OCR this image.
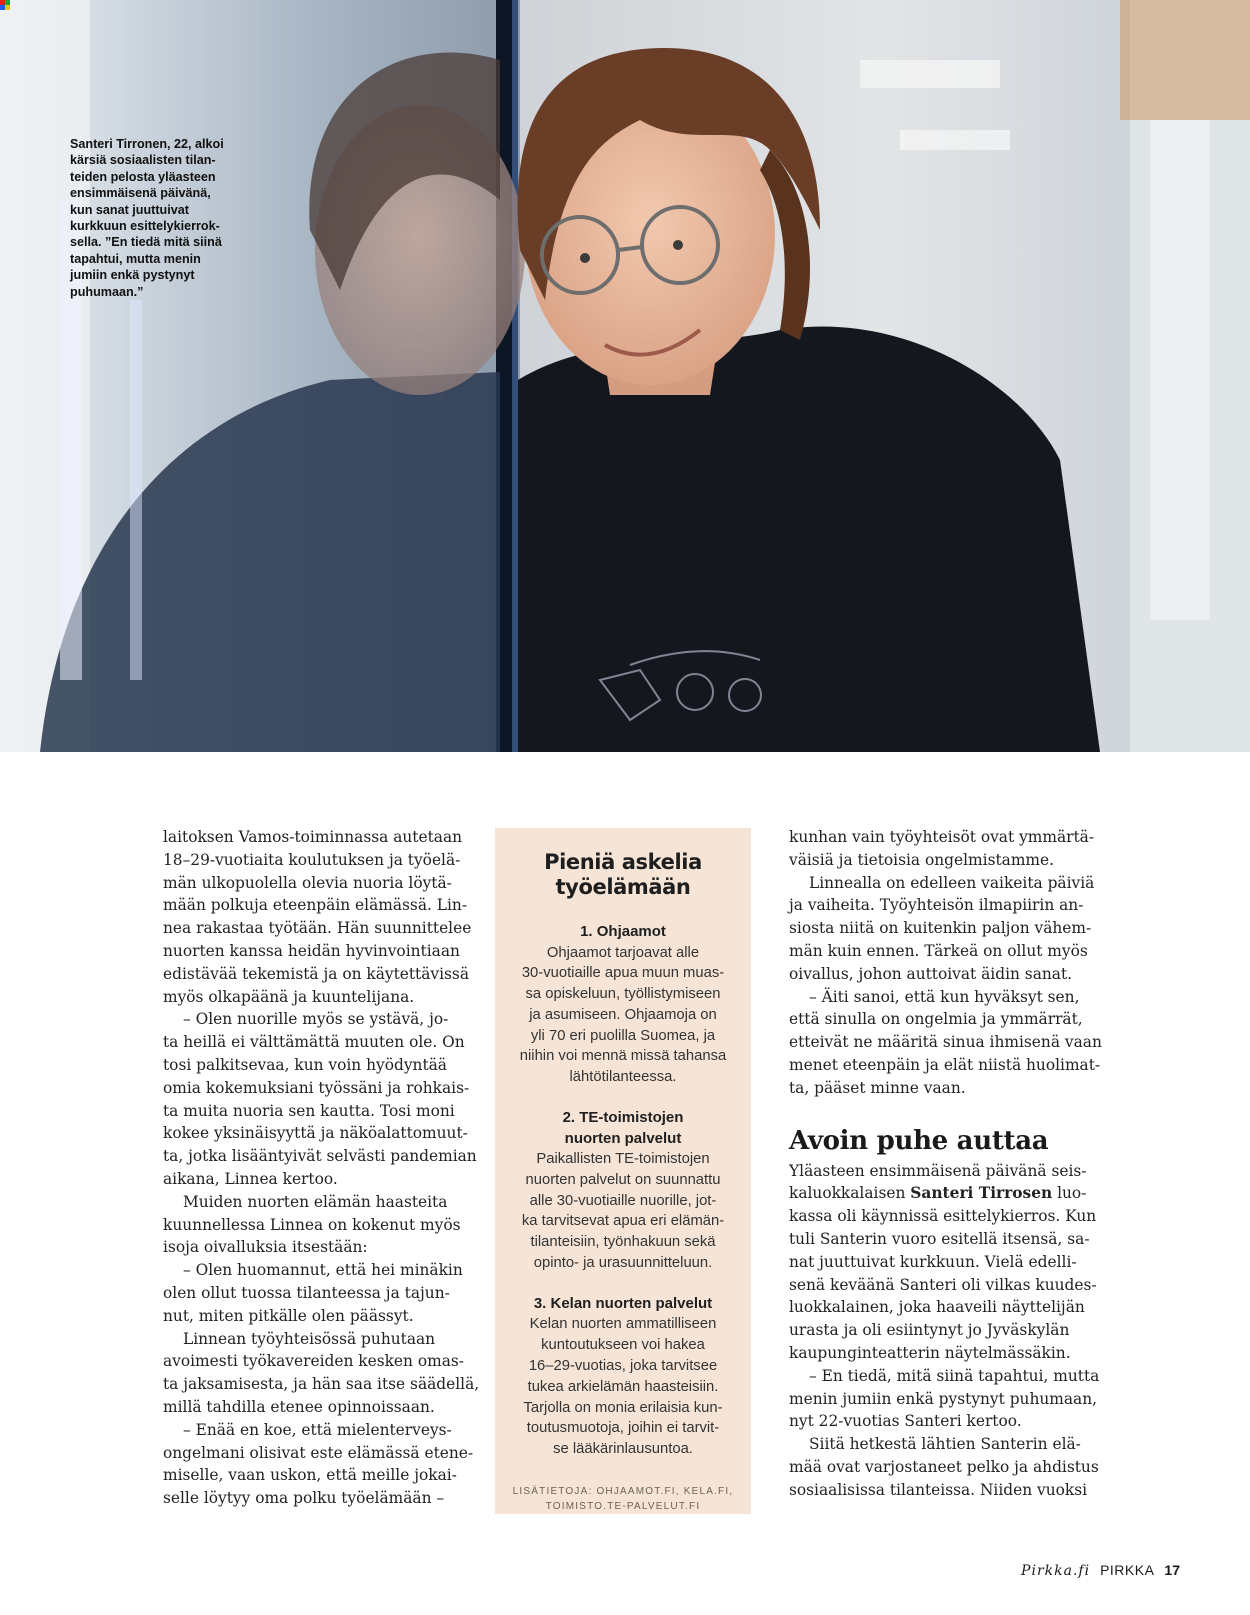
Santeri Tirronen, 22, alkoi

kärsiä sosiaalisten tilan-

teiden pelosta yläasteen

ensimmäisenä päivänä,

kun sanat juuttuivat

kurkkuun esittelykierrok-

sella. ”En tiedä mitä siinä

tapahtui, mutta menin

jumiin enkä pystynyt

puhumaan.”

laitoksen Vamos-toiminnassa autetaan

18–29-vuotiaita koulutuksen ja työelä-

män ulkopuolella olevia nuoria löytä-

mään polkuja eteenpäin elämässä. Lin-

nea rakastaa työtään. Hän suunnittelee

nuorten kanssa heidän hyvinvointiaan

edistävää tekemistä ja on käytettävissä

myös olkapäänä ja kuuntelijana.

– Olen nuorille myös se ystävä, jo-

ta heillä ei välttämättä muuten ole. On

tosi palkitsevaa, kun voin hyödyntää

omia kokemuksiani työssäni ja rohkais-

ta muita nuoria sen kautta. Tosi moni

kokee yksinäisyyttä ja näköalattomuut-

ta, jotka lisääntyivät selvästi pandemian

aikana, Linnea kertoo.

Muiden nuorten elämän haasteita

kuunnellessa Linnea on kokenut myös

isoja oivalluksia itsestään:

– Olen huomannut, että hei minäkin

olen ollut tuossa tilanteessa ja tajun-

nut, miten pitkälle olen päässyt.

Linnean työyhteisössä puhutaan

avoimesti työkavereiden kesken omas-

ta jaksamisesta, ja hän saa itse säädellä,

millä tahdilla etenee opinnoissaan.

– Enää en koe, että mielenterveys-

ongelmani olisivat este elämässä etene-

miselle, vaan uskon, että meille jokai-

selle löytyy oma polku työelämään –

Pieniä askelia

työelämään

1. Ohjaamot

Ohjaamot tarjoavat alle

30-vuotiaille apua muun muas-

sa opiskeluun, työllistymiseen

ja asumiseen. Ohjaamoja on

yli 70 eri puolilla Suomea, ja

niihin voi mennä missä tahansa

lähtötilanteessa.

2. TE-toimistojen

nuorten palvelut

Paikallisten TE-toimistojen

nuorten palvelut on suunnattu

alle 30-vuotiaille nuorille, jot-

ka tarvitsevat apua eri elämän-

tilanteisiin, työnhakuun sekä

opinto- ja urasuunnitteluun.

3. Kelan nuorten palvelut

Kelan nuorten ammatilliseen

kuntoutukseen voi hakea

16–29-vuotias, joka tarvitsee

tukea arkielämän haasteisiin.

Tarjolla on monia erilaisia kun-

toutusmuotoja, joihin ei tarvit-

se lääkärinlausuntoa.

LISÄTIETOJA: OHJAAMOT.FI, KELA.FI,

TOIMISTO.TE-PALVELUT.FI

kunhan vain työyhteisöt ovat ymmärtä-

väisiä ja tietoisia ongelmistamme.

Linnealla on edelleen vaikeita päiviä

ja vaiheita. Työyhteisön ilmapiirin an-

siosta niitä on kuitenkin paljon vähem-

män kuin ennen. Tärkeä on ollut myös

oivallus, johon auttoivat äidin sanat.

– Äiti sanoi, että kun hyväksyt sen,

että sinulla on ongelmia ja ymmärrät,

etteivät ne määritä sinua ihmisenä vaan

menet eteenpäin ja elät niistä huolimat-

ta, pääset minne vaan.

Avoin puhe auttaa

Yläasteen ensimmäisenä päivänä seis-

kaluokkalaisen Santeri Tirrosen luo-

kassa oli käynnissä esittelykierros. Kun

tuli Santerin vuoro esitellä itsensä, sa-

nat juuttuivat kurkkuun. Vielä edelli-

senä keväänä Santeri oli vilkas kuudes-

luokkalainen, joka haaveili näyttelijän

urasta ja oli esiintynyt jo Jyväskylän

kaupunginteatterin näytelmässäkin.

– En tiedä, mitä siinä tapahtui, mutta

menin jumiin enkä pystynyt puhumaan,

nyt 22-vuotias Santeri kertoo.

Siitä hetkestä lähtien Santerin elä-

mää ovat varjostaneet pelko ja ahdistus

sosiaalisissa tilanteissa. Niiden vuoksi

Pirkka.fi PIRKKA 17
